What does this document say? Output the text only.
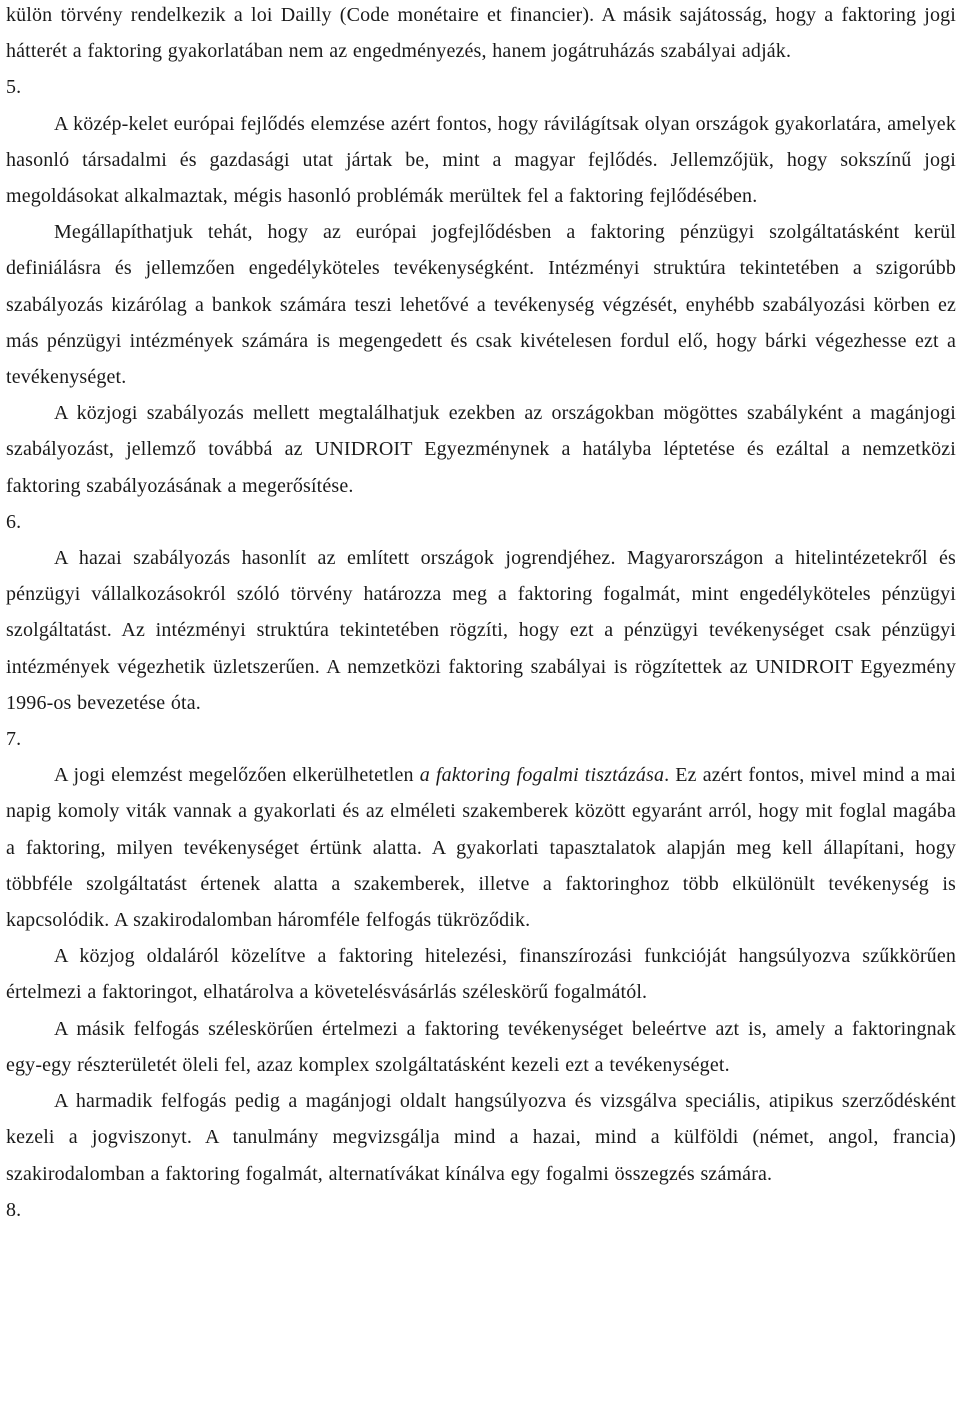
külön törvény rendelkezik a loi Dailly (Code monétaire et financier). A másik sajátosság, hogy a faktoring jogi hátterét a faktoring gyakorlatában nem az engedményezés, hanem jogátruházás szabályai adják.

5.

A közép-kelet európai fejlődés elemzése azért fontos, hogy rávilágítsak olyan országok gyakorlatára, amelyek hasonló társadalmi és gazdasági utat jártak be, mint a magyar fejlődés. Jellemzőjük, hogy sokszínű jogi megoldásokat alkalmaztak, mégis hasonló problémák merültek fel a faktoring fejlődésében.

Megállapíthatjuk tehát, hogy az európai jogfejlődésben a faktoring pénzügyi szolgáltatásként kerül definiálásra és jellemzően engedélyköteles tevékenységként. Intézményi struktúra tekintetében a szigorúbb szabályozás kizárólag a bankok számára teszi lehetővé a tevékenység végzését, enyhébb szabályozási körben ez más pénzügyi intézmények számára is megengedett és csak kivételesen fordul elő, hogy bárki végezhesse ezt a tevékenységet.

A közjogi szabályozás mellett megtalálhatjuk ezekben az országokban mögöttes szabályként a magánjogi szabályozást, jellemző továbbá az UNIDROIT Egyezménynek a hatályba léptetése és ezáltal a nemzetközi faktoring szabályozásának a megerősítése.

6.

A hazai szabályozás hasonlít az említett országok jogrendjéhez. Magyarországon a hitelintézetekről és pénzügyi vállalkozásokról szóló törvény határozza meg a faktoring fogalmát, mint engedélyköteles pénzügyi szolgáltatást. Az intézményi struktúra tekintetében rögzíti, hogy ezt a pénzügyi tevékenységet csak pénzügyi intézmények végezhetik üzletszerűen. A nemzetközi faktoring szabályai is rögzítettek az UNIDROIT Egyezmény 1996-os bevezetése óta.

7.

A jogi elemzést megelőzően elkerülhetetlen a faktoring fogalmi tisztázása. Ez azért fontos, mivel mind a mai napig komoly viták vannak a gyakorlati és az elméleti szakemberek között egyaránt arról, hogy mit foglal magába a faktoring, milyen tevékenységet értünk alatta. A gyakorlati tapasztalatok alapján meg kell állapítani, hogy többféle szolgáltatást értenek alatta a szakemberek, illetve a faktoringhoz több elkülönült tevékenység is kapcsolódik. A szakirodalomban háromféle felfogás tükröződik.

A közjog oldaláról közelítve a faktoring hitelezési, finanszírozási funkcióját hangsúlyozva szűkkörűen értelmezi a faktoringot, elhatárolva a követelésvásárlás széleskörű fogalmától.

A másik felfogás széleskörűen értelmezi a faktoring tevékenységet beleértve azt is, amely a faktoringnak egy-egy részterületét öleli fel, azaz komplex szolgáltatásként kezeli ezt a tevékenységet.

A harmadik felfogás pedig a magánjogi oldalt hangsúlyozva és vizsgálva speciális, atipikus szerződésként kezeli a jogviszonyt. A tanulmány megvizsgálja mind a hazai, mind a külföldi (német, angol, francia) szakirodalomban a faktoring fogalmát, alternatívákat kínálva egy fogalmi összegzés számára.

8.
